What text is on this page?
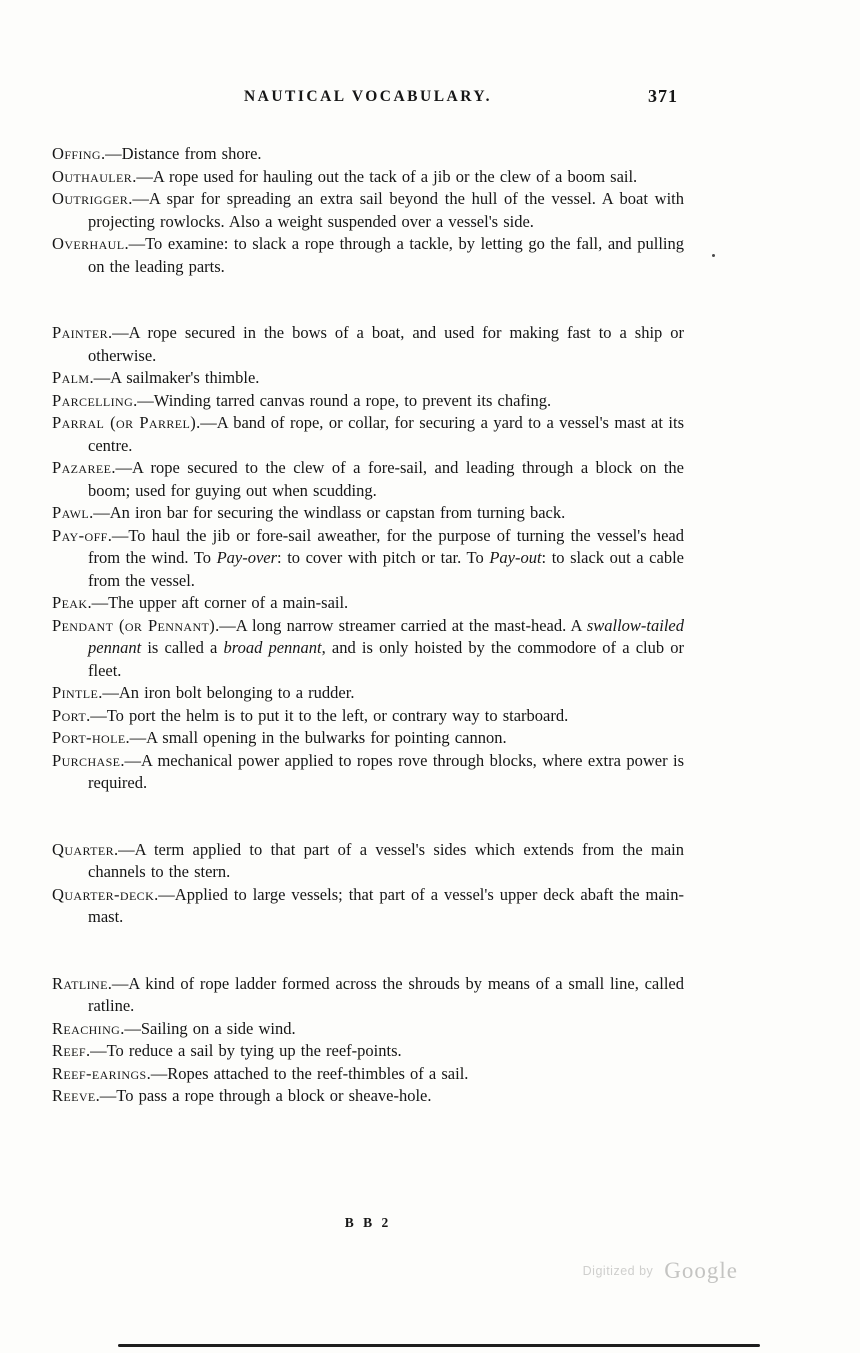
NAUTICAL VOCABULARY.	371

Offing.—Distance from shore.

Outhauler.—A rope used for hauling out the tack of a jib or the clew of a boom sail.

Outrigger.—A spar for spreading an extra sail beyond the hull of the vessel. A boat with projecting rowlocks. Also a weight suspended over a vessel's side.

Overhaul.—To examine: to slack a rope through a tackle, by letting go the fall, and pulling on the leading parts.

Painter.—A rope secured in the bows of a boat, and used for making fast to a ship or otherwise.

Palm.—A sailmaker's thimble.

Parcelling.—Winding tarred canvas round a rope, to prevent its chafing.

Parral (or Parrel).—A band of rope, or collar, for securing a yard to a vessel's mast at its centre.

Pazaree.—A rope secured to the clew of a fore-sail, and leading through a block on the boom; used for guying out when scudding.

Pawl.—An iron bar for securing the windlass or capstan from turning back.

Pay-off.—To haul the jib or fore-sail aweather, for the purpose of turning the vessel's head from the wind. To Pay-over: to cover with pitch or tar. To Pay-out: to slack out a cable from the vessel.

Peak.—The upper aft corner of a main-sail.

Pendant (or Pennant).—A long narrow streamer carried at the mast-head. A swallow-tailed pennant is called a broad pennant, and is only hoisted by the commodore of a club or fleet.

Pintle.—An iron bolt belonging to a rudder.

Port.—To port the helm is to put it to the left, or contrary way to starboard.

Port-hole.—A small opening in the bulwarks for pointing cannon.

Purchase.—A mechanical power applied to ropes rove through blocks, where extra power is required.

Quarter.—A term applied to that part of a vessel's sides which extends from the main channels to the stern.

Quarter-deck.—Applied to large vessels; that part of a vessel's upper deck abaft the main-mast.

Ratline.—A kind of rope ladder formed across the shrouds by means of a small line, called ratline.

Reaching.—Sailing on a side wind.

Reef.—To reduce a sail by tying up the reef-points.

Reef-earings.—Ropes attached to the reef-thimbles of a sail.

Reeve.—To pass a rope through a block or sheave-hole.

B B 2
Digitized by Google
